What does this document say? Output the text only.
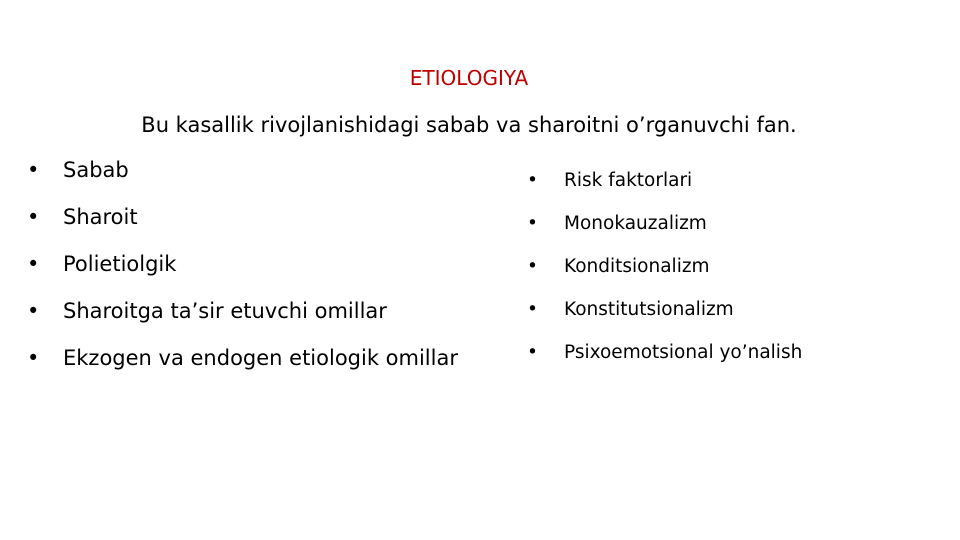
ETIOLOGIYA
Bu kasallik rivojlanishidagi sabab va sharoitni o’rganuvchi fan.
• Sabab
• Sharoit
• Polietiolgik
• Sharoitga ta’sir etuvchi omillar
• Ekzogen va endogen etiologik omillar
• Risk faktorlari
• Monokauzalizm
• Konditsionalizm
• Konstitutsionalizm
• Psixoemotsional yo’nalish
